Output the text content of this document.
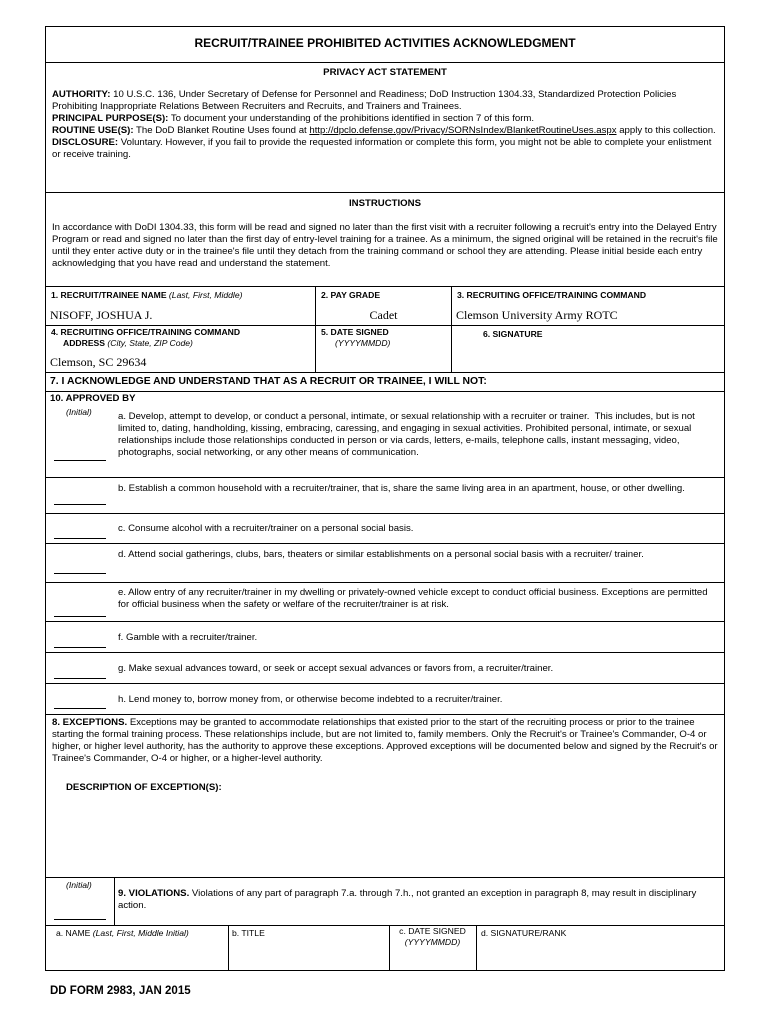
RECRUIT/TRAINEE PROHIBITED ACTIVITIES ACKNOWLEDGMENT
PRIVACY ACT STATEMENT
AUTHORITY: 10 U.S.C. 136, Under Secretary of Defense for Personnel and Readiness; DoD Instruction 1304.33, Standardized Protection Policies Prohibiting Inappropriate Relations Between Recruiters and Recruits, and Trainers and Trainees.
PRINCIPAL PURPOSE(S): To document your understanding of the prohibitions identified in section 7 of this form.
ROUTINE USE(S): The DoD Blanket Routine Uses found at http://dpclo.defense.gov/Privacy/SORNsIndex/BlanketRoutineUses.aspx apply to this collection.
DISCLOSURE: Voluntary. However, if you fail to provide the requested information or complete this form, you might not be able to complete your enlistment or receive training.
INSTRUCTIONS
In accordance with DoDI 1304.33, this form will be read and signed no later than the first visit with a recruiter following a recruit's entry into the Delayed Entry Program or read and signed no later than the first day of entry-level training for a trainee. As a minimum, the signed original will be retained in the recruit's file until they enter active duty or in the trainee's file until they detach from the training command or school they are attending. Please initial beside each entry acknowledging that you have read and understand the statement.
1. RECRUIT/TRAINEE NAME (Last, First, Middle)
NISOFF, JOSHUA J.
2. PAY GRADE
Cadet
3. RECRUITING OFFICE/TRAINING COMMAND
Clemson University Army ROTC
4. RECRUITING OFFICE/TRAINING COMMAND
ADDRESS (City, State, ZIP Code)
Clemson, SC 29634
5. DATE SIGNED
(YYYYMMDD)
6. SIGNATURE
7. I ACKNOWLEDGE AND UNDERSTAND THAT AS A RECRUIT OR TRAINEE, I WILL NOT:
10. APPROVED BY
(Initial)	a. Develop, attempt to develop, or conduct a personal, intimate, or sexual relationship with a recruiter or trainer.  This includes, but is not limited to, dating, handholding, kissing, embracing, caressing, and engaging in sexual activities. Prohibited personal, intimate, or sexual relationships include those relationships conducted in person or via cards, letters, e-mails, telephone calls, instant messaging, video, photographs, social networking, or any other means of communication.
b. Establish a common household with a recruiter/trainer, that is, share the same living area in an apartment, house, or other dwelling.
c. Consume alcohol with a recruiter/trainer on a personal social basis.
d. Attend social gatherings, clubs, bars, theaters or similar establishments on a personal social basis with a recruiter/ trainer.
e. Allow entry of any recruiter/trainer in my dwelling or privately-owned vehicle except to conduct official business. Exceptions are permitted for official business when the safety or welfare of the recruiter/trainer is at risk.
f. Gamble with a recruiter/trainer.
g. Make sexual advances toward, or seek or accept sexual advances or favors from, a recruiter/trainer.
h. Lend money to, borrow money from, or otherwise become indebted to a recruiter/trainer.
8. EXCEPTIONS. Exceptions may be granted to accommodate relationships that existed prior to the start of the recruiting process or prior to the trainee starting the formal training process. These relationships include, but are not limited to, family members. Only the Recruit's or Trainee's Commander, O-4 or higher, or higher level authority, has the authority to approve these exceptions. Approved exceptions will be documented below and signed by the Recruit's or Trainee's Commander, O-4 or higher, or a higher-level authority.
DESCRIPTION OF EXCEPTION(S):
(Initial)
9. VIOLATIONS. Violations of any part of paragraph 7.a. through 7.h., not granted an exception in paragraph 8, may result in disciplinary action.
a. NAME (Last, First, Middle Initial)	b. TITLE	c. DATE SIGNED
(YYYYMMDD)
d. SIGNATURE/RANK
DD FORM 2983, JAN 2015
